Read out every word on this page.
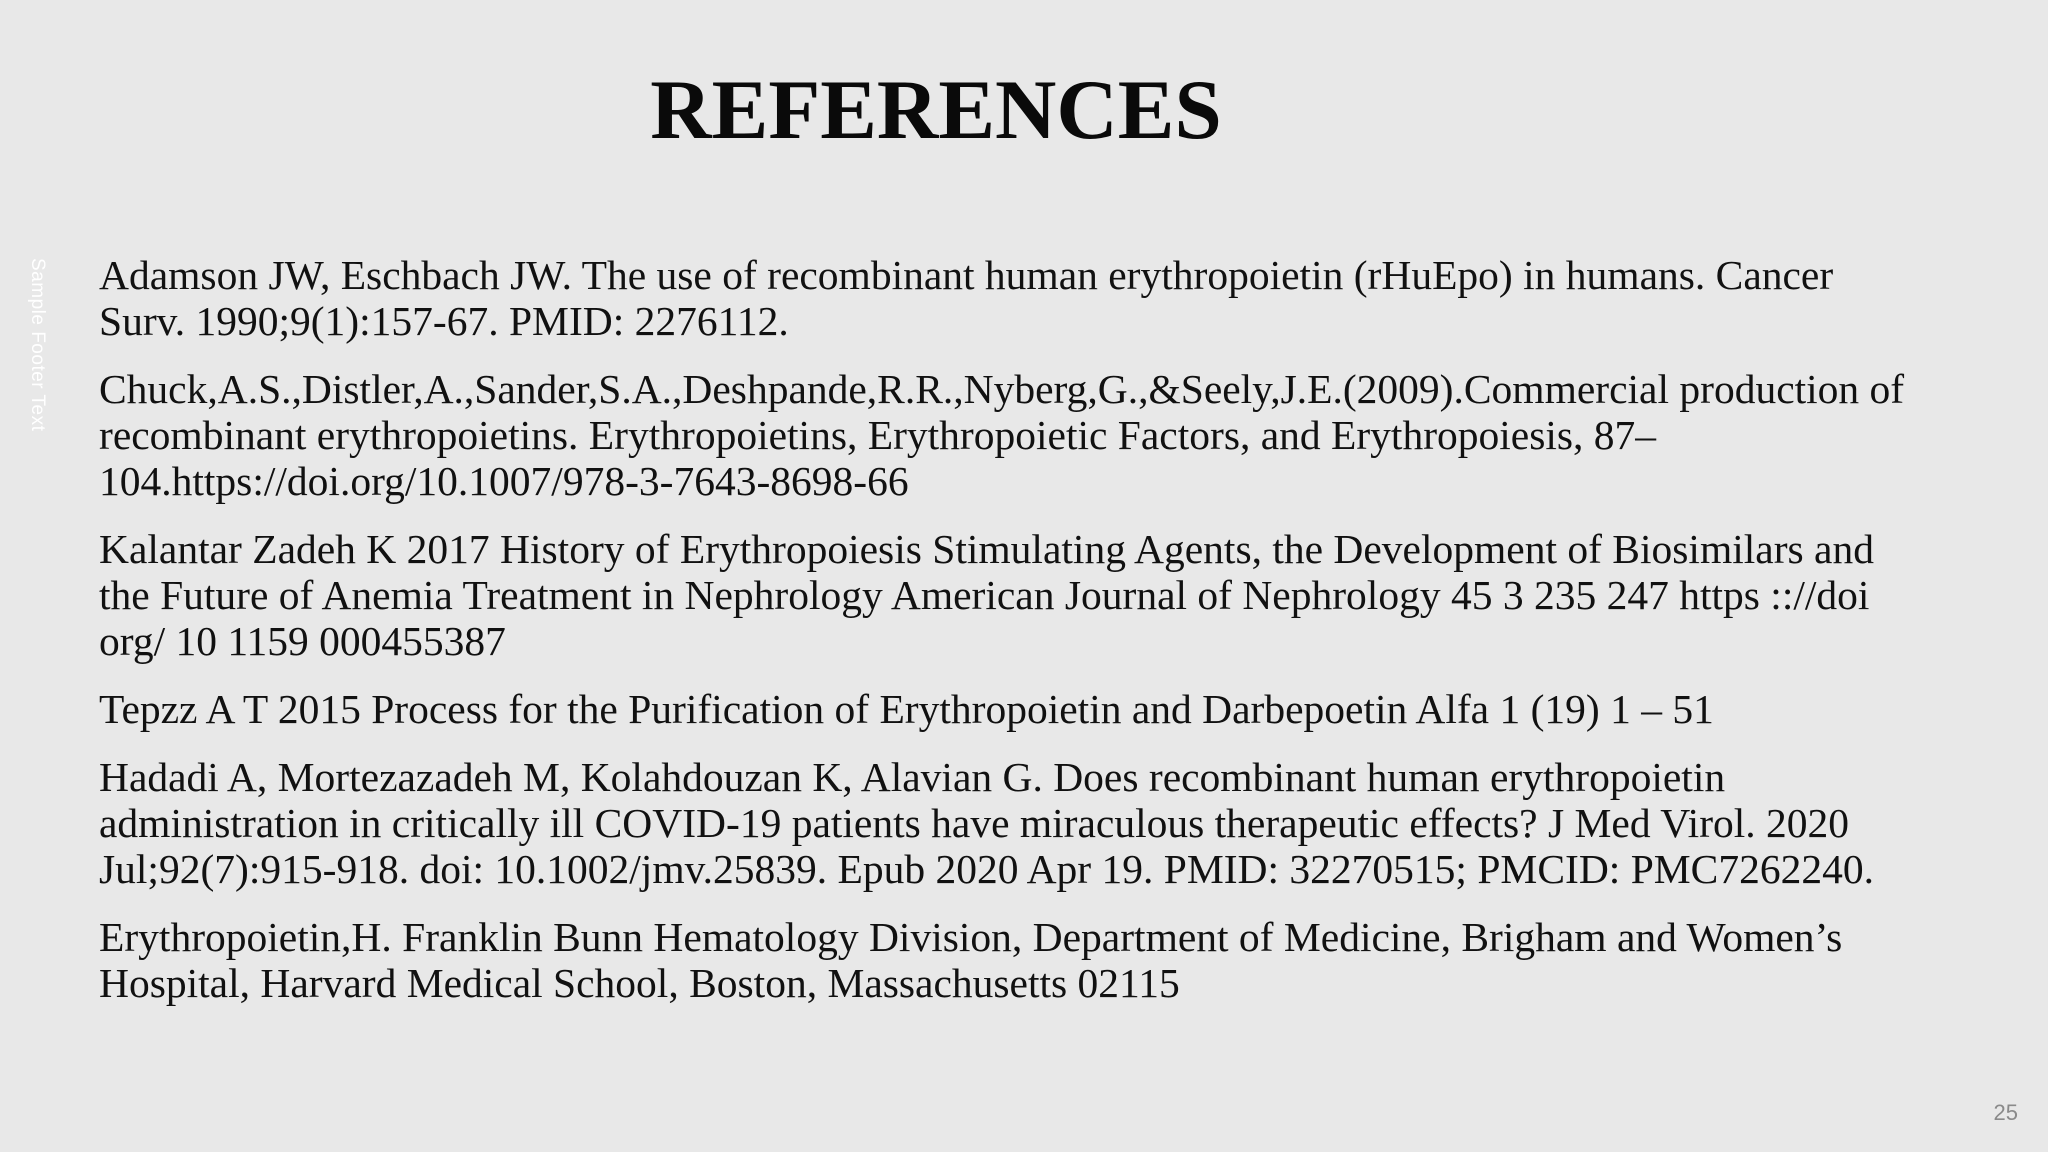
REFERENCES
Sample Footer Text Adamson JW, Eschbach JW. The use of recombinant human erythropoietin (rHuEpo) in humans. Cancer Surv. 1990;9(1):157-67. PMID: 2276112.
Chuck,A.S.,Distler,A.,Sander,S.A.,Deshpande,R.R.,Nyberg,G.,&Seely,J.E.(2009).Commercial production of recombinant erythropoietins. Erythropoietins, Erythropoietic Factors, and Erythropoiesis, 87–104.https://doi.org/10.1007/978-3-7643-8698-66
Kalantar Zadeh K 2017 History of Erythropoiesis Stimulating Agents, the Development of Biosimilars and the Future of Anemia Treatment in Nephrology American Journal of Nephrology 45 3 235 247 https :://doi org/ 10 1159 000455387
Tepzz A T 2015 Process for the Purification of Erythropoietin and Darbepoetin Alfa 1 (19) 1 – 51
Hadadi A, Mortezazadeh M, Kolahdouzan K, Alavian G. Does recombinant human erythropoietin administration in critically ill COVID-19 patients have miraculous therapeutic effects? J Med Virol. 2020 Jul;92(7):915-918. doi: 10.1002/jmv.25839. Epub 2020 Apr 19. PMID: 32270515; PMCID: PMC7262240.
Erythropoietin,H. Franklin Bunn Hematology Division, Department of Medicine, Brigham and Women’s Hospital, Harvard Medical School, Boston, Massachusetts 02115
25
